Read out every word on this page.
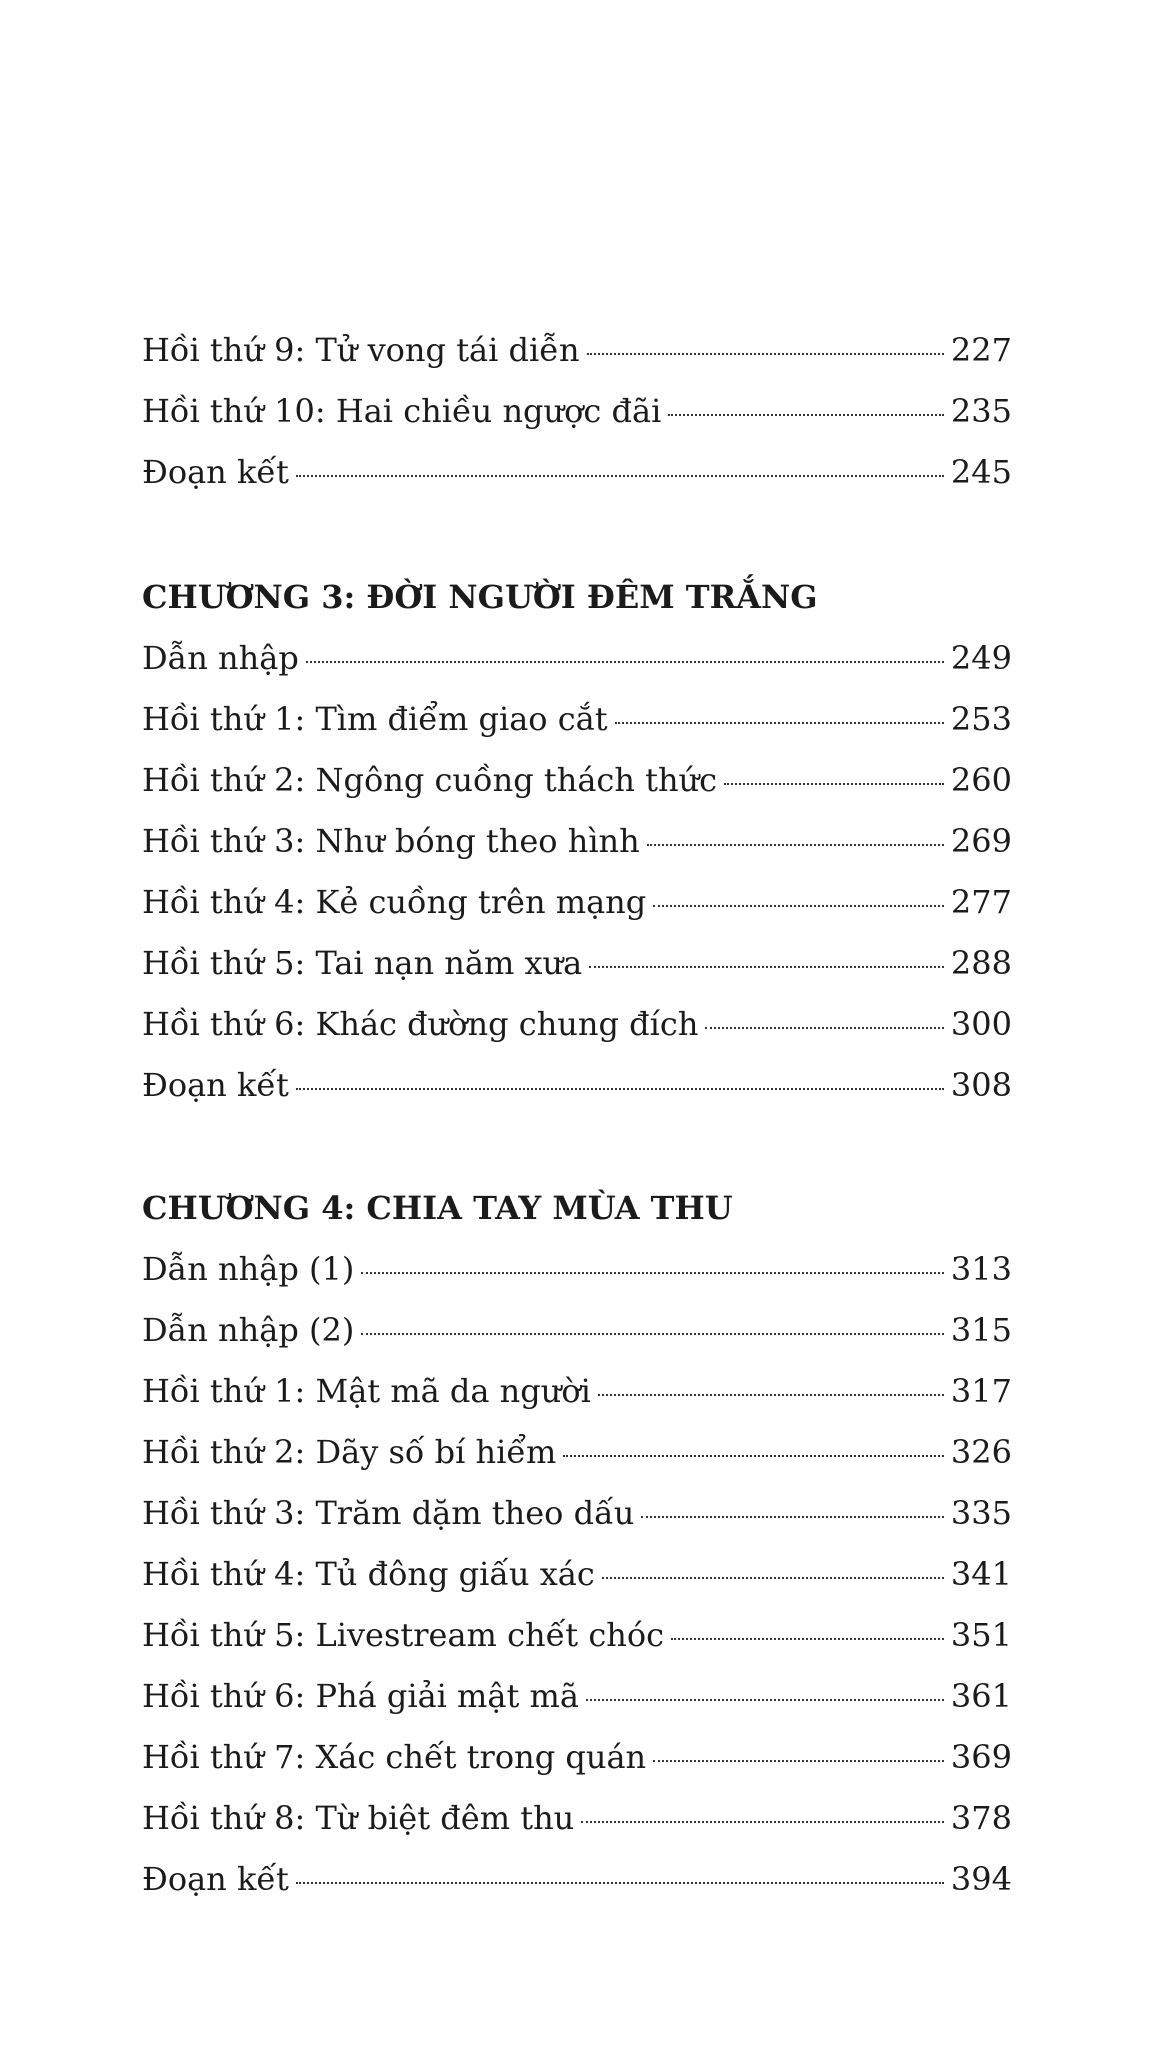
Hồi thứ 9: Tử vong tái diễn	227
Hồi thứ 10: Hai chiều ngược đãi	235
Đoạn kết	245
CHƯƠNG 3: ĐỜI NGƯỜI ĐÊM TRẮNG
Dẫn nhập	249
Hồi thứ 1: Tìm điểm giao cắt	253
Hồi thứ 2: Ngông cuồng thách thức	260
Hồi thứ 3: Như bóng theo hình	269
Hồi thứ 4: Kẻ cuồng trên mạng	277
Hồi thứ 5: Tai nạn năm xưa	288
Hồi thứ 6: Khác đường chung đích	300
Đoạn kết	308
CHƯƠNG 4: CHIA TAY MÙA THU
Dẫn nhập (1)	313
Dẫn nhập (2)	315
Hồi thứ 1: Mật mã da người	317
Hồi thứ 2: Dãy số bí hiểm	326
Hồi thứ 3: Trăm dặm theo dấu	335
Hồi thứ 4: Tủ đông giấu xác	341
Hồi thứ 5: Livestream chết chóc	351
Hồi thứ 6: Phá giải mật mã	361
Hồi thứ 7: Xác chết trong quán	369
Hồi thứ 8: Từ biệt đêm thu	378
Đoạn kết	394
